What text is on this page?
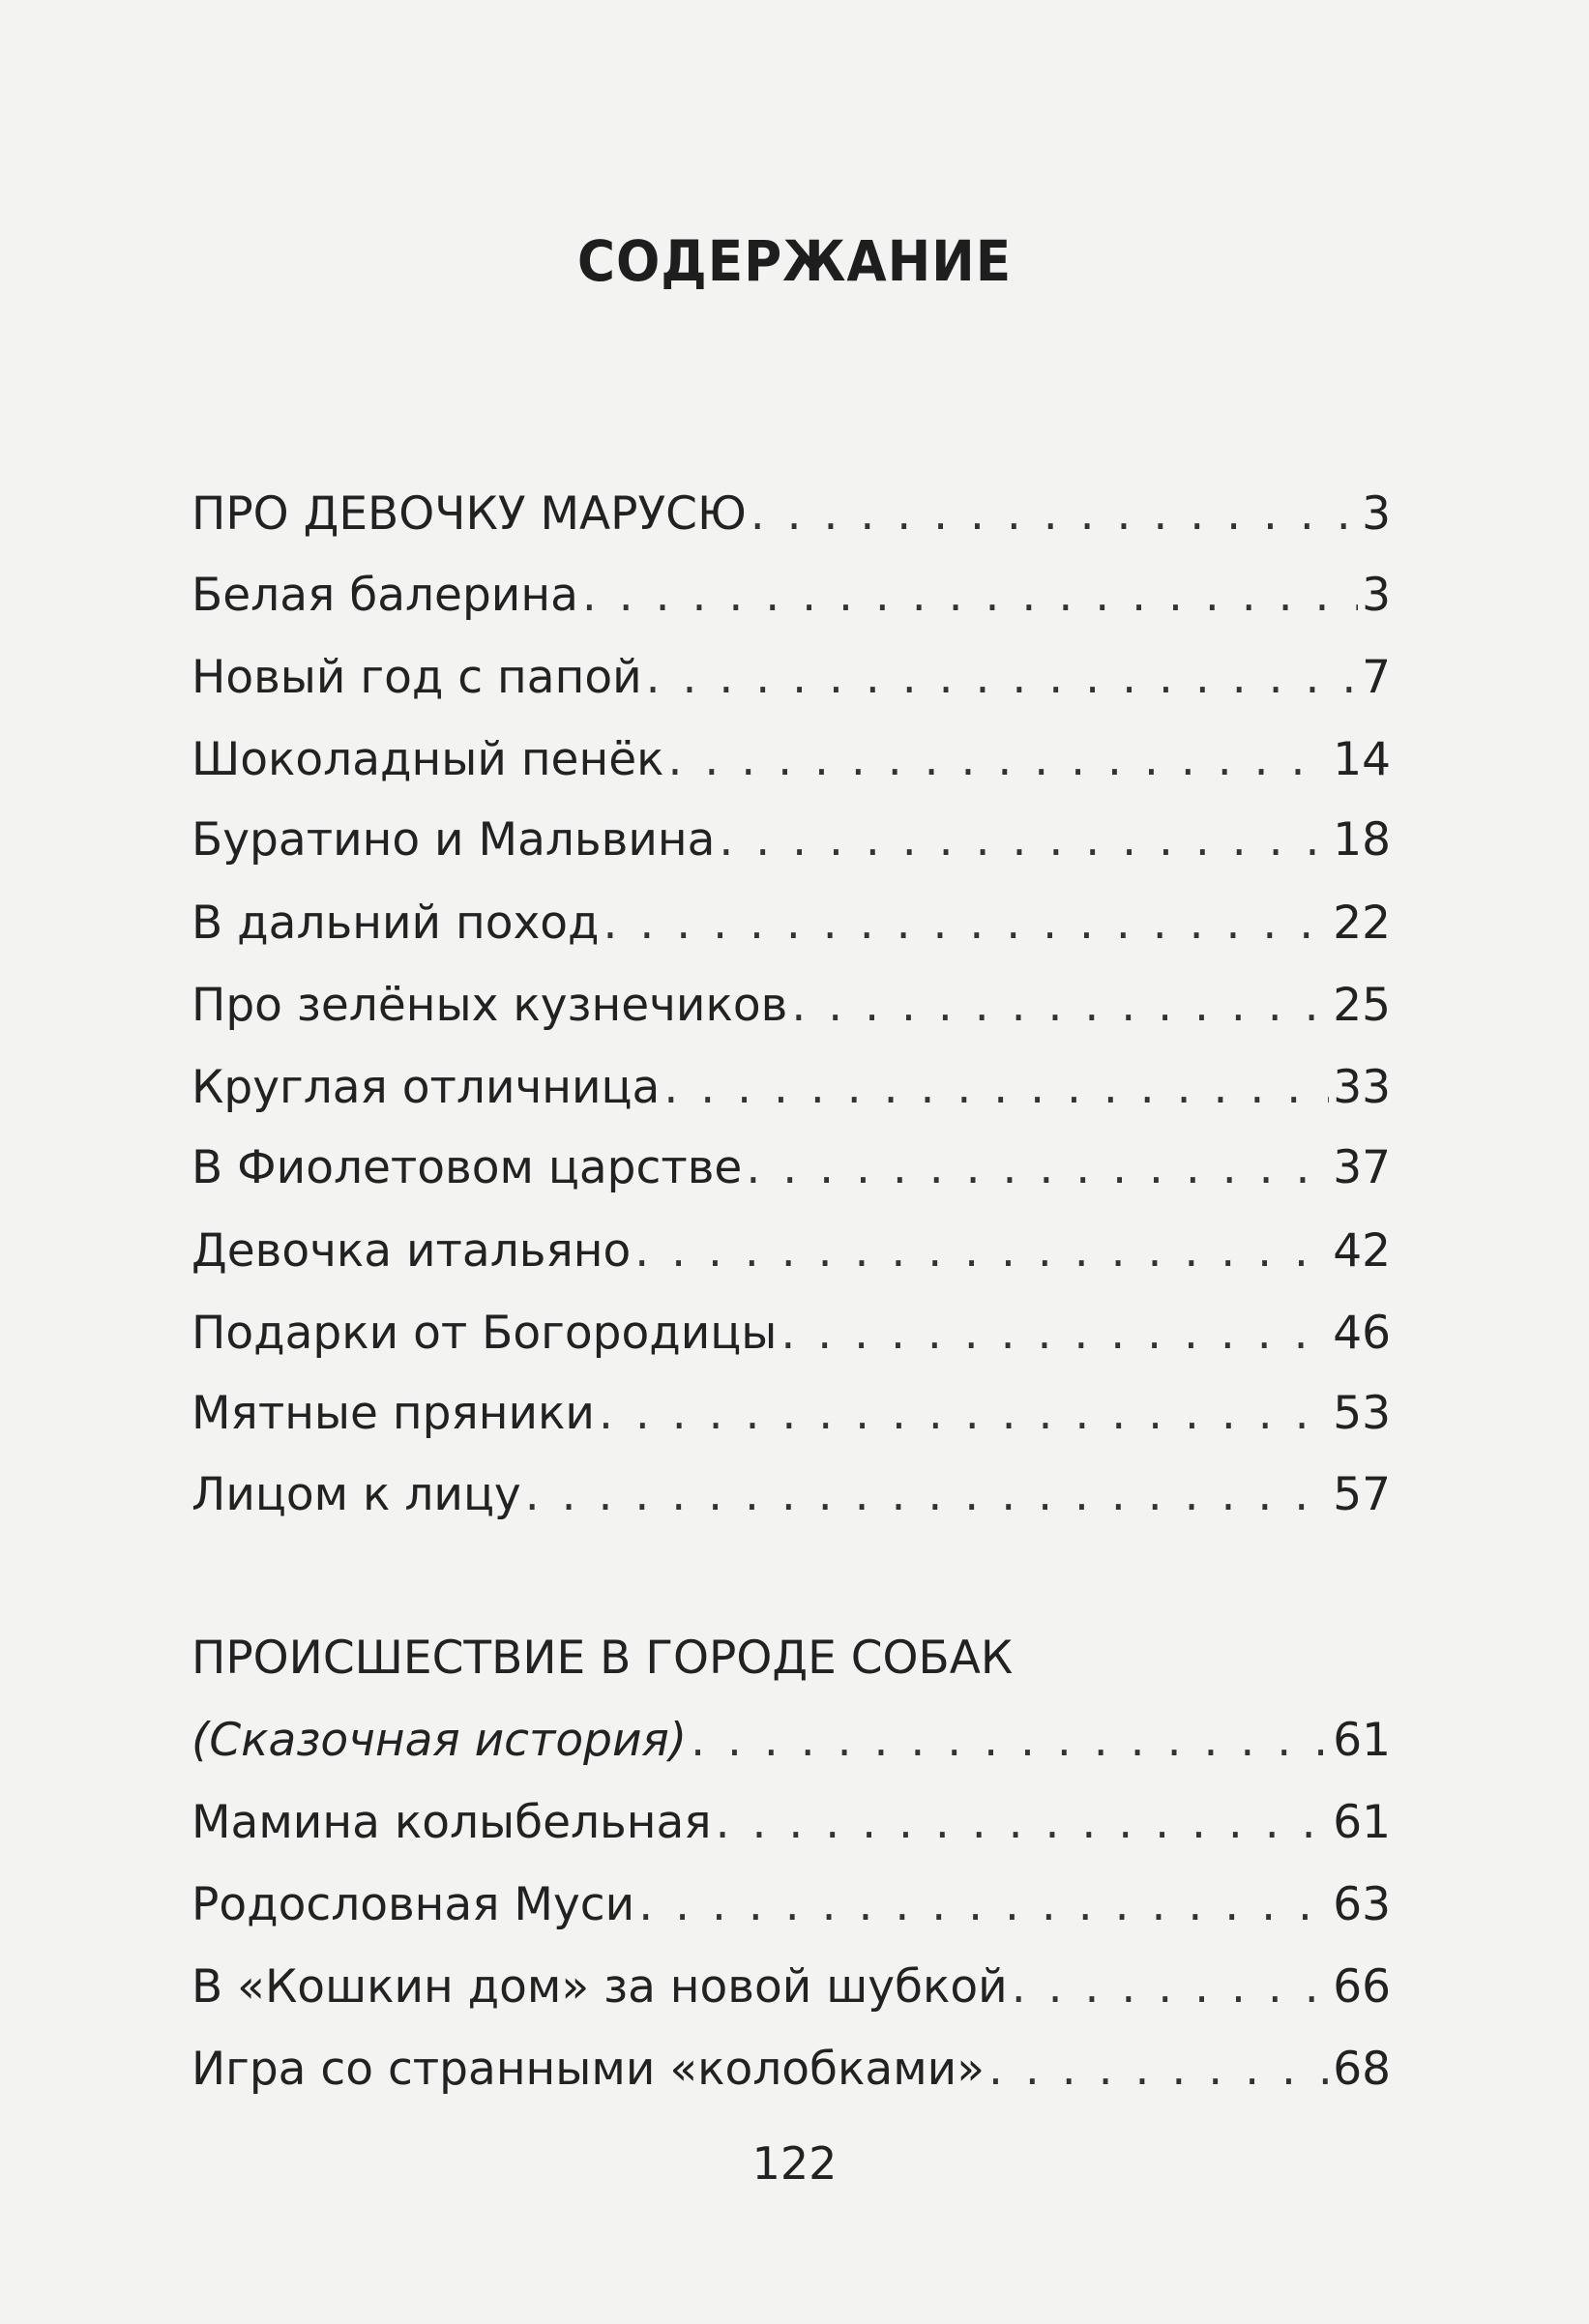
СОДЕРЖАНИЕ
ПРО ДЕВОЧКУ МАРУСЮ . . .	3
Белая балерина . . .	3
Новый год с папой . . .	7
Шоколадный пенёк . . .	14
Буратино и Мальвина . . .	18
В дальний поход . . .	22
Про зелёных кузнечиков . . .	25
Круглая отличница . . .	33
В Фиолетовом царстве . . .	37
Девочка итальяно . . .	42
Подарки от Богородицы . . .	46
Мятные пряники . . .	53
Лицом к лицу . . .	57
(Сказочная история) . . .	61
Мамина колыбельная . . .	61
Родословная Муси . . .	63
В «Кошкин дом» за новой шубкой . . .	66
Игра со странными «колобками» . . .	68
ПРОИСШЕСТВИЕ В ГОРОДЕ СОБАК
122
